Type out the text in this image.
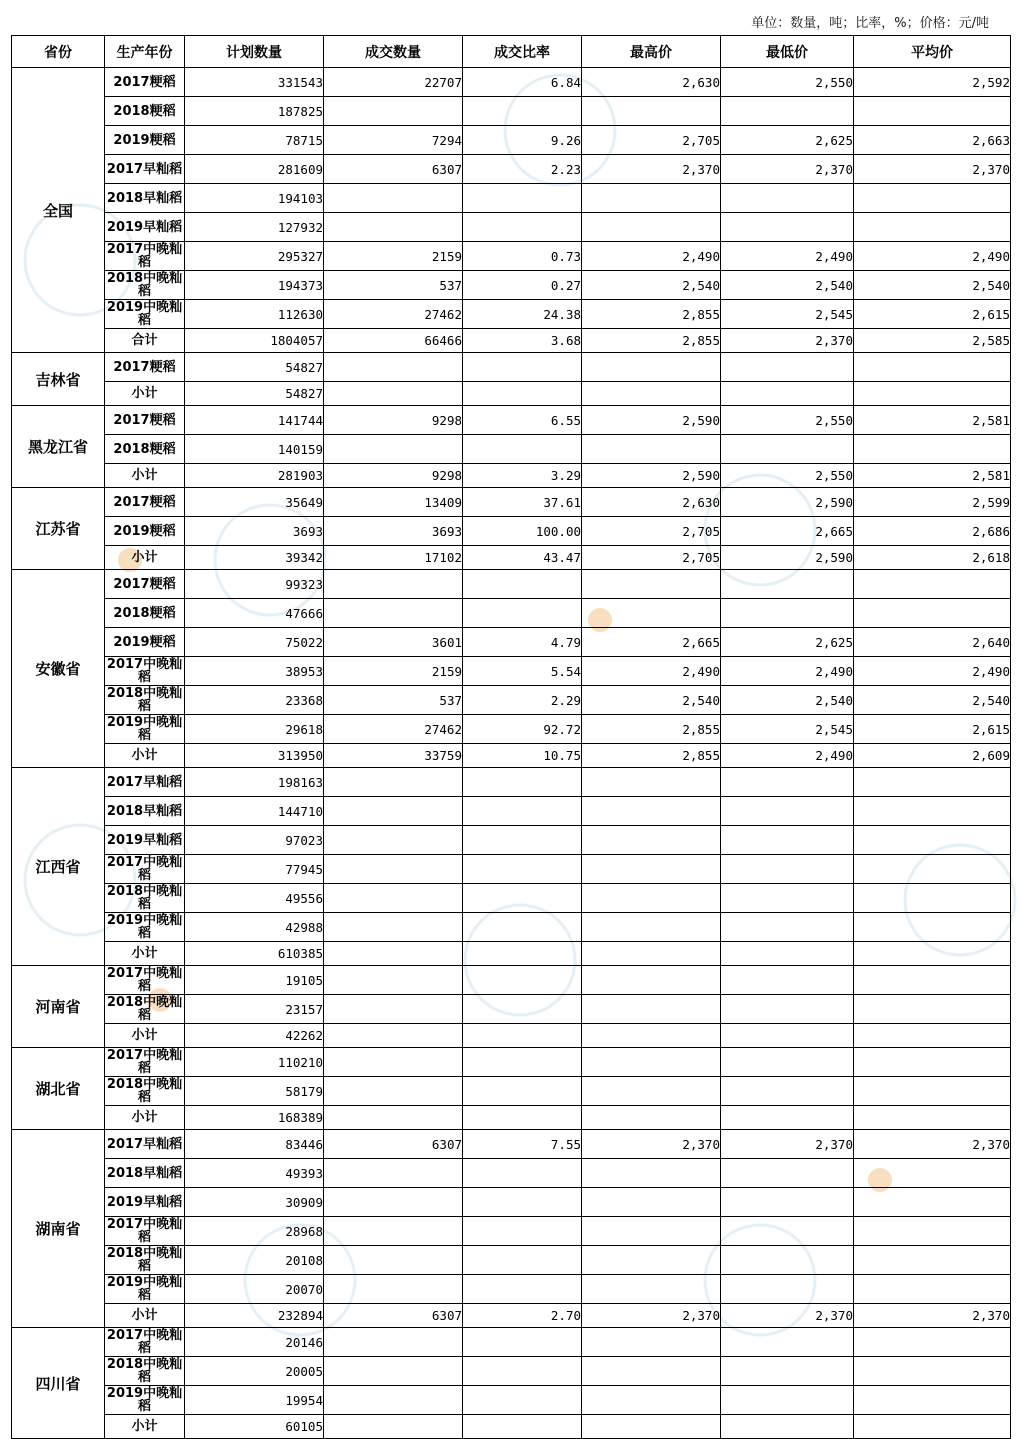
单位：数量，吨；比率，%；价格：元/吨
省份	生产年份	计划数量	成交数量	成交比率	最高价	最低价	平均价
全国	2017粳稻	331543	22707	6.84	2,630	2,550	2,592
	2018粳稻	187825					
	2019粳稻	78715	7294	9.26	2,705	2,625	2,663
	2017早籼稻	281609	6307	2.23	2,370	2,370	2,370
	2018早籼稻	194103					
	2019早籼稻	127932					
	2017中晚籼稻	295327	2159	0.73	2,490	2,490	2,490
	2018中晚籼稻	194373	537	0.27	2,540	2,540	2,540
	2019中晚籼稻	112630	27462	24.38	2,855	2,545	2,615
	合计	1804057	66466	3.68	2,855	2,370	2,585
吉林省	2017粳稻	54827					
	小计	54827					
黑龙江省	2017粳稻	141744	9298	6.55	2,590	2,550	2,581
	2018粳稻	140159					
	小计	281903	9298	3.29	2,590	2,550	2,581
江苏省	2017粳稻	35649	13409	37.61	2,630	2,590	2,599
	2019粳稻	3693	3693	100.00	2,705	2,665	2,686
	小计	39342	17102	43.47	2,705	2,590	2,618
安徽省	2017粳稻	99323					
	2018粳稻	47666					
	2019粳稻	75022	3601	4.79	2,665	2,625	2,640
	2017中晚籼稻	38953	2159	5.54	2,490	2,490	2,490
	2018中晚籼稻	23368	537	2.29	2,540	2,540	2,540
	2019中晚籼稻	29618	27462	92.72	2,855	2,545	2,615
	小计	313950	33759	10.75	2,855	2,490	2,609
江西省	2017早籼稻	198163					
	2018早籼稻	144710					
	2019早籼稻	97023					
	2017中晚籼稻	77945					
	2018中晚籼稻	49556					
	2019中晚籼稻	42988					
	小计	610385					
河南省	2017中晚籼稻	19105					
	2018中晚籼稻	23157					
	小计	42262					
湖北省	2017中晚籼稻	110210					
	2018中晚籼稻	58179					
	小计	168389					
湖南省	2017早籼稻	83446	6307	7.55	2,370	2,370	2,370
	2018早籼稻	49393					
	2019早籼稻	30909					
	2017中晚籼稻	28968					
	2018中晚籼稻	20108					
	2019中晚籼稻	20070					
	小计	232894	6307	2.70	2,370	2,370	2,370
四川省	2017中晚籼稻	20146					
	2018中晚籼稻	20005					
	2019中晚籼稻	19954					
	小计	60105					
